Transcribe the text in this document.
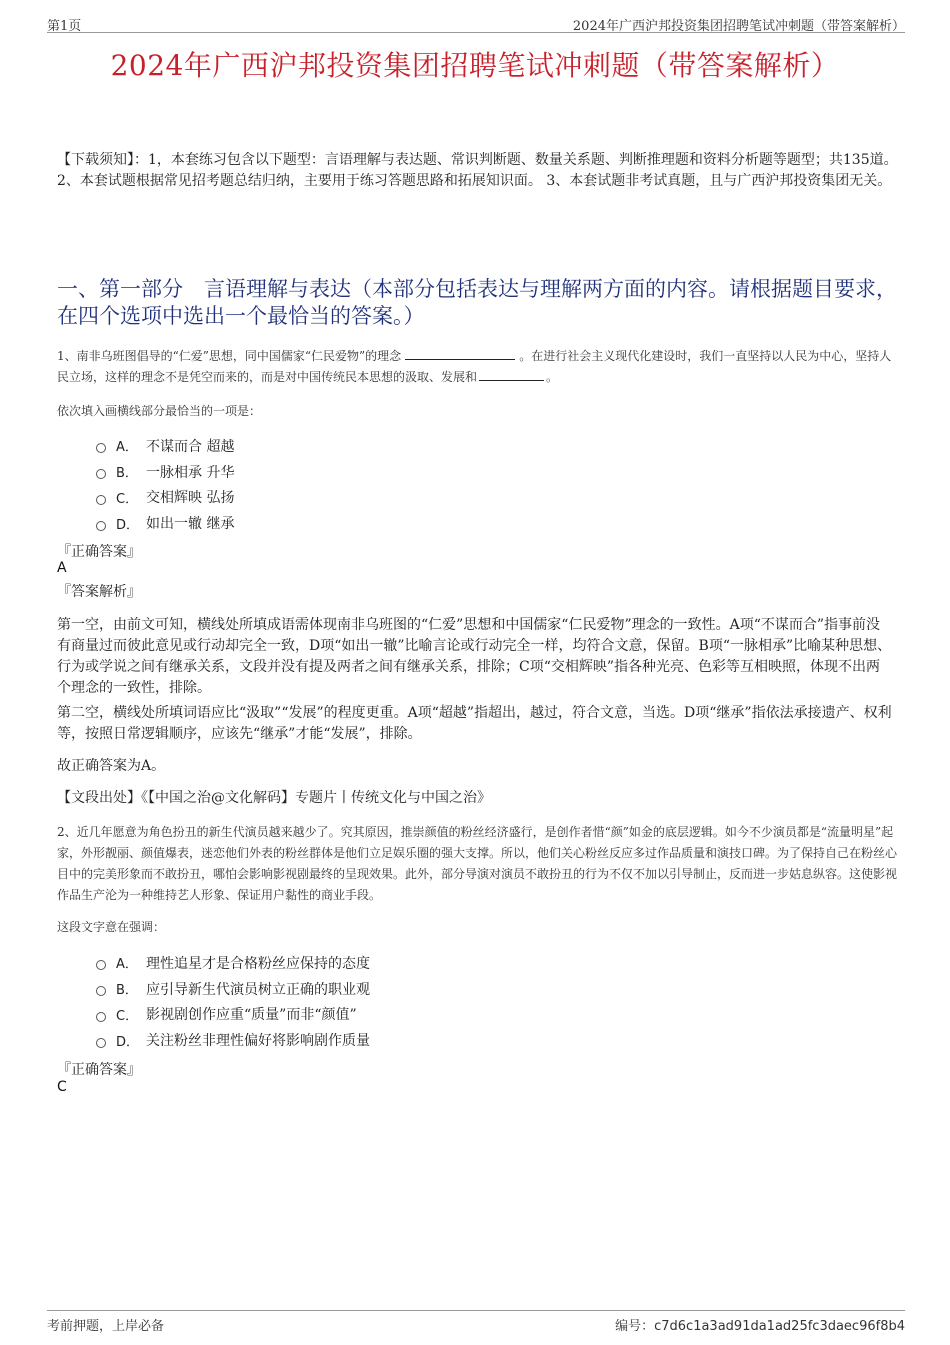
第1页	2024年广西沪邦投资集团招聘笔试冲刺题（带答案解析）
2024年广西沪邦投资集团招聘笔试冲刺题（带答案解析）
【下载须知】：1，本套练习包含以下题型：言语理解与表达题、常识判断题、数量关系题、判断推理题和资料分析题等题型；共135道。 2、本套试题根据常见招考题总结归纳，主要用于练习答题思路和拓展知识面。 3、本套试题非考试真题，且与广西沪邦投资集团无关。
一、第一部分　言语理解与表达（本部分包括表达与理解两方面的内容。请根据题目要求，在四个选项中选出一个最恰当的答案。）
1、南非乌班图倡导的“仁爱”思想，同中国儒家“仁民爱物”的理念	。在进行社会主义现代化建设时，我们一直坚持以人民为中心，坚持人民立场，这样的理念不是凭空而来的，而是对中国传统民本思想的汲取、发展和	。
依次填入画横线部分最恰当的一项是：
A． 不谋而合 超越
B． 一脉相承 升华
C． 交相辉映 弘扬
D． 如出一辙 继承
『正确答案』
A
『答案解析』
第一空，由前文可知，横线处所填成语需体现南非乌班图的“仁爱”思想和中国儒家“仁民爱物”理念的一致性。A项“不谋而合”指事前没有商量过而彼此意见或行动却完全一致，D项“如出一辙”比喻言论或行动完全一样，均符合文意，保留。B项“一脉相承”比喻某种思想、行为或学说之间有继承关系，文段并没有提及两者之间有继承关系，排除；C项“交相辉映”指各种光亮、色彩等互相映照，体现不出两个理念的一致性，排除。
第二空，横线处所填词语应比“汲取”“发展”的程度更重。A项“超越”指超出，越过，符合文意，当选。D项“继承”指依法承接遗产、权利等，按照日常逻辑顺序，应该先“继承”才能“发展”，排除。
故正确答案为A。
【文段出处】《【中国之治@文化解码】专题片丨传统文化与中国之治》
2、近几年愿意为角色扮丑的新生代演员越来越少了。究其原因，推崇颜值的粉丝经济盛行，是创作者惜“颜”如金的底层逻辑。如今不少演员都是“流量明星”起家，外形靓丽、颜值爆表，迷恋他们外表的粉丝群体是他们立足娱乐圈的强大支撑。所以，他们关心粉丝反应多过作品质量和演技口碑。为了保持自己在粉丝心目中的完美形象而不敢扮丑，哪怕会影响影视剧最终的呈现效果。此外，部分导演对演员不敢扮丑的行为不仅不加以引导制止，反而进一步姑息纵容。这使影视作品生产沦为一种维持艺人形象、保证用户黏性的商业手段。
这段文字意在强调：
A． 理性追星才是合格粉丝应保持的态度
B． 应引导新生代演员树立正确的职业观
C． 影视剧创作应重“质量”而非“颜值”
D． 关注粉丝非理性偏好将影响剧作质量
『正确答案』
C
考前押题，上岸必备	编号：c7d6c1a3ad91da1ad25fc3daec96f8b4
